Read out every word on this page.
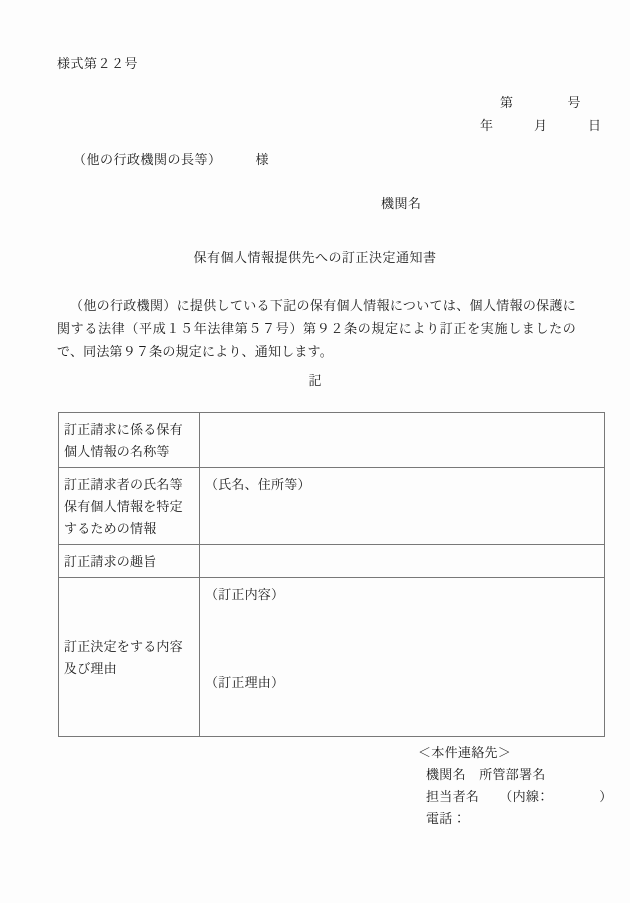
様式第２２号
第　　　　号
年　　　月　　　日
（他の行政機関の長等）　　　様
機関名
保有個人情報提供先への訂正決定通知書

（他の行政機関）に提供している下記の保有個人情報については、個人情報の保護に関する法律（平成１５年法律第５７号）第９２条の規定により訂正を実施しましたので、同法第９７条の規定により、通知します。

記
訂正請求に係る保有個人情報の名称等	
訂正請求者の氏名等保有個人情報を特定するための情報	（氏名、住所等）
訂正請求の趣旨	
訂正決定をする内容及び理由	（訂正内容）
（訂正理由）
＜本件連絡先＞
機関名　所管部署名
担当者名　　（内線：　　　　）
電話：
